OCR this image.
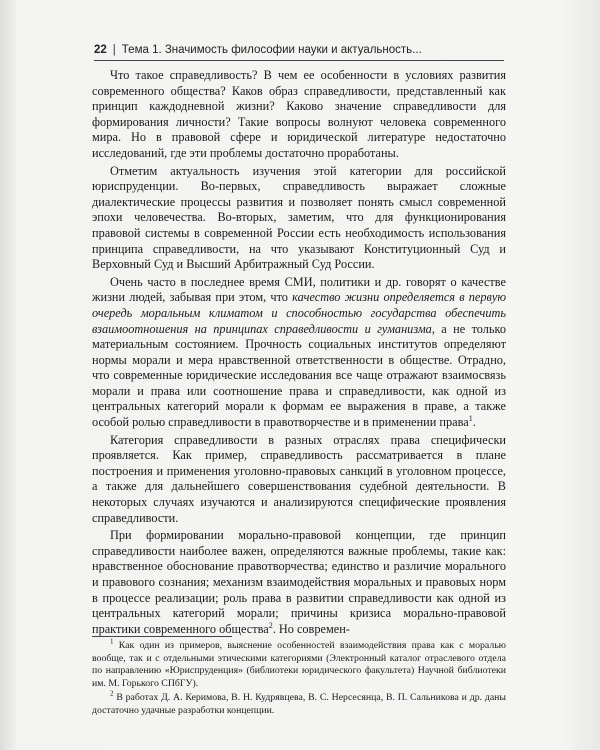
22 | Тема 1. Значимость философии науки и актуальность...

Что такое справедливость? В чем ее особенности в условиях развития современного общества? Каков образ справедливости, представленный как принцип каждодневной жизни? Каково значение справедливости для формирования личности? Такие вопросы волнуют человека современного мира. Но в правовой сфере и юридической литературе недостаточно исследований, где эти проблемы достаточно проработаны.

Отметим актуальность изучения этой категории для российской юриспруденции. Во-первых, справедливость выражает сложные диалектические процессы развития и позволяет понять смысл современной эпохи человечества. Во-вторых, заметим, что для функционирования правовой системы в современной России есть необходимость использования принципа справедливости, на что указывают Конституционный Суд и Верховный Суд и Высший Арбитражный Суд России.

Очень часто в последнее время СМИ, политики и др. говорят о качестве жизни людей, забывая при этом, что качество жизни определяется в первую очередь моральным климатом и способностью государства обеспечить взаимоотношения на принципах справедливости и гуманизма, а не только материальным состоянием. Прочность социальных институтов определяют нормы морали и мера нравственной ответственности в обществе. Отрадно, что современные юридические исследования все чаще отражают взаимосвязь морали и права или соотношение права и справедливости, как одной из центральных категорий морали к формам ее выражения в праве, а также особой ролью справедливости в правотворчестве и в применении права$^1$.

Категория справедливости в разных отраслях права специфически проявляется. Как пример, справедливость рассматривается в плане построения и применения уголовно-правовых санкций в уголовном процессе, а также для дальнейшего совершенствования судебной деятельности. В некоторых случаях изучаются и анализируются специфические проявления справедливости.

При формировании морально-правовой концепции, где принцип справедливости наиболее важен, определяются важные проблемы, такие как: нравственное обоснование правотворчества; единство и различие морального и правового сознания; механизм взаимодействия моральных и правовых норм в процессе реализации; роль права в развитии справедливости как одной из центральных категорий морали; причины кризиса морально-правовой практики современного общества$^2$. Но современ-

$^1$ Как один из примеров, выяснение особенностей взаимодействия права как с моралью вообще, так и с отдельными этическими категориями (Электронный каталог отраслевого отдела по направлению «Юриспруденция» (библиотеки юридического факультета) Научной библиотеки им. М. Горького СПбГУ).

$^2$ В работах Д. А. Керимова, В. Н. Кудрявцева, В. С. Нерсесянца, В. П. Сальникова и др. даны достаточно удачные разработки концепции.
